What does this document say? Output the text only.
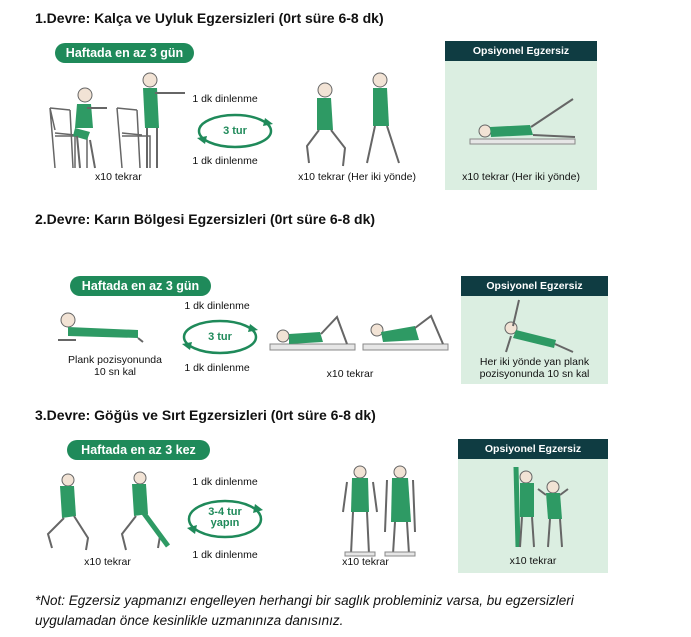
1.Devre: Kalça ve Uyluk Egzersizleri (0rt süre 6-8 dk)
Haftada en az 3 gün
x10 tekrar
1 dk dinlenme
3 tur
1 dk dinlenme
x10 tekrar (Her iki yönde)
Opsiyonel Egzersiz
x10 tekrar (Her iki yönde)
2.Devre: Karın Bölgesi Egzersizleri (0rt süre 6-8 dk)
Haftada en az 3 gün
Plank pozisyonunda
10 sn kal
1 dk dinlenme
3 tur
1 dk dinlenme	x10 tekrar
Opsiyonel Egzersiz
Her iki yönde yan plank
pozisyonunda 10 sn kal
3.Devre: Göğüs ve Sırt Egzersizleri (0rt süre 6-8 dk)
Haftada en az 3 kez
x10 tekrar
1 dk dinlenme
3-4 tur
yapın
1 dk dinlenme
x10 tekrar
Opsiyonel Egzersiz
x10 tekrar
*Not: Egzersiz yapmanızı engelleyen herhangi bir saglık probleminiz varsa, bu egzersizleri
uygulamadan önce kesinlikle uzmanınıza danısınız.
